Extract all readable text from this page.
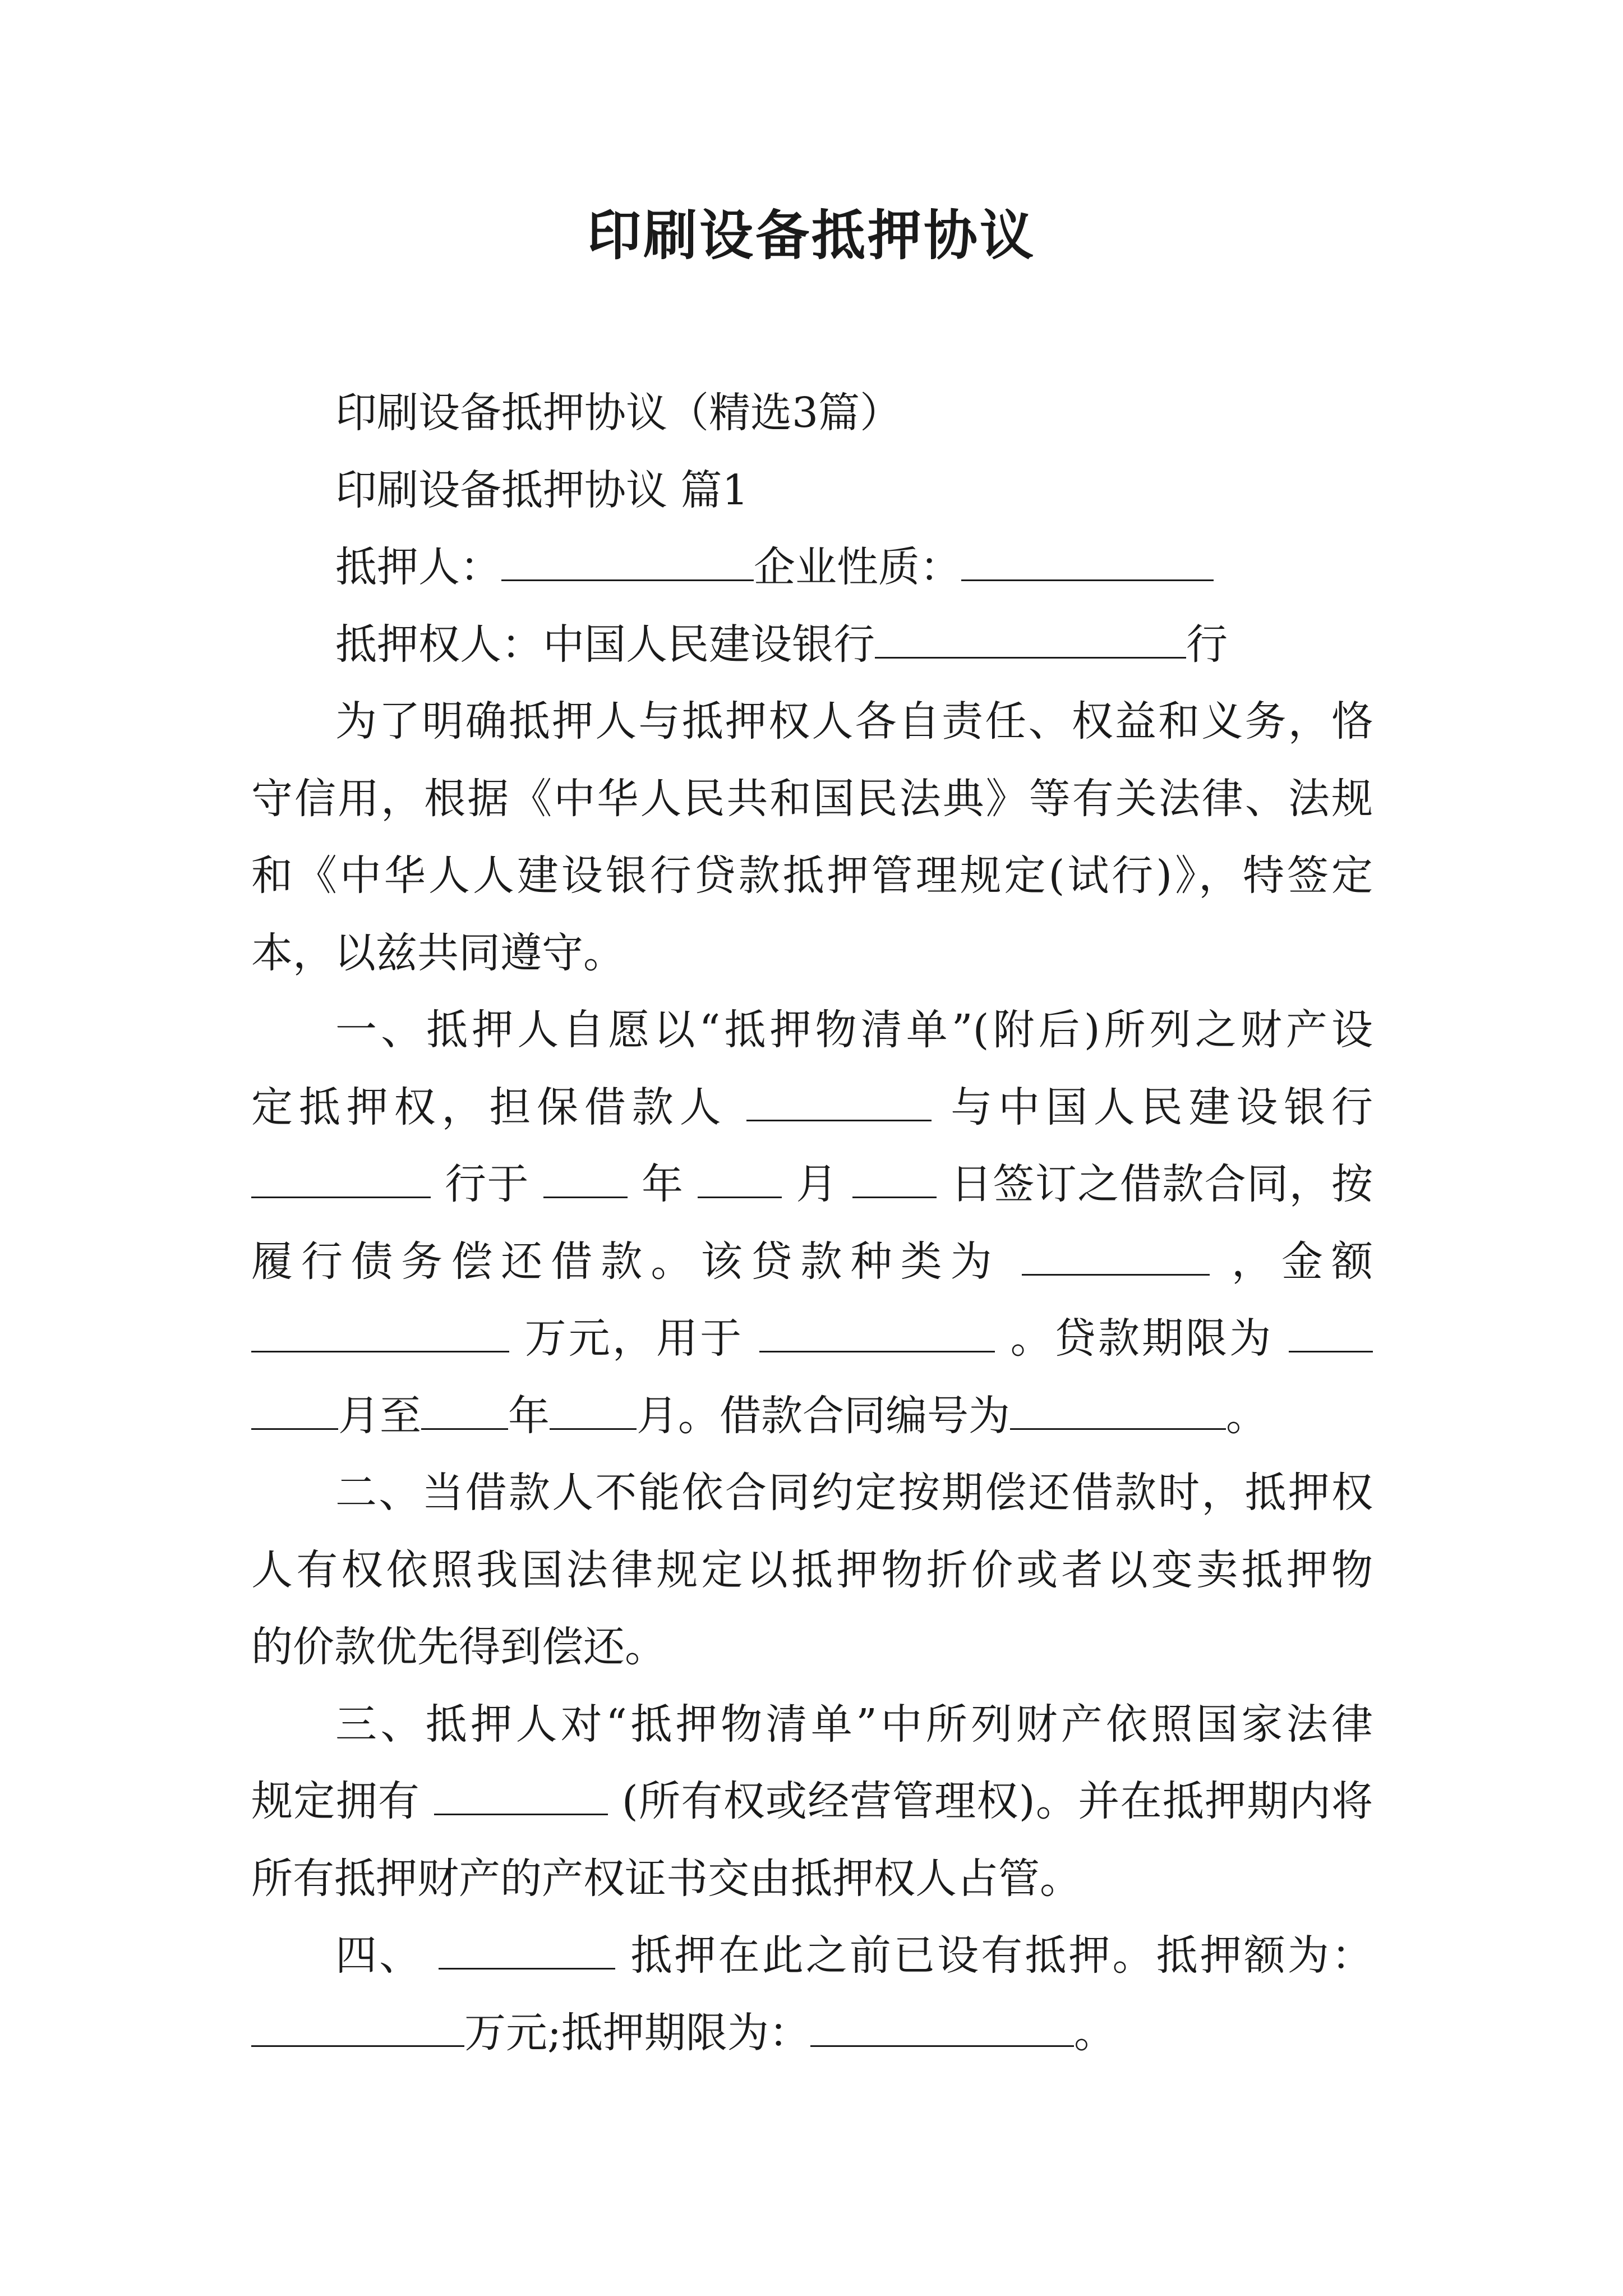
印刷设备抵押协议
印刷设备抵押协议（精选3篇）
印刷设备抵押协议 篇1
抵押人：	企业性质：
抵押权人：中国人民建设银行	行
为了明确抵押人与抵押权人各自责任、权益和义务，恪
守信用，根据《中华人民共和国民法典》等有关法律、法规
和《中华人人建设银行贷款抵押管理规定(试行)》，特签定
本，以兹共同遵守。
一、抵押人自愿以“抵押物清单”(附后)所列之财产设
定抵押权，担保借款人	与中国人民建设银行
行于	年	月	日签订之借款合同，按
履行债务偿还借款。该贷款种类为	，金额
万元，用于	。贷款期限为
月至 年 月。借款合同编号为	。
二、当借款人不能依合同约定按期偿还借款时，抵押权
人有权依照我国法律规定以抵押物折价或者以变卖抵押物
的价款优先得到偿还。
三、抵押人对“抵押物清单”中所列财产依照国家法律
规定拥有	(所有权或经营管理权)。并在抵押期内将
所有抵押财产的产权证书交由抵押权人占管。
四、	抵押在此之前已设有抵押。抵押额为：
万元;抵押期限为：	。
